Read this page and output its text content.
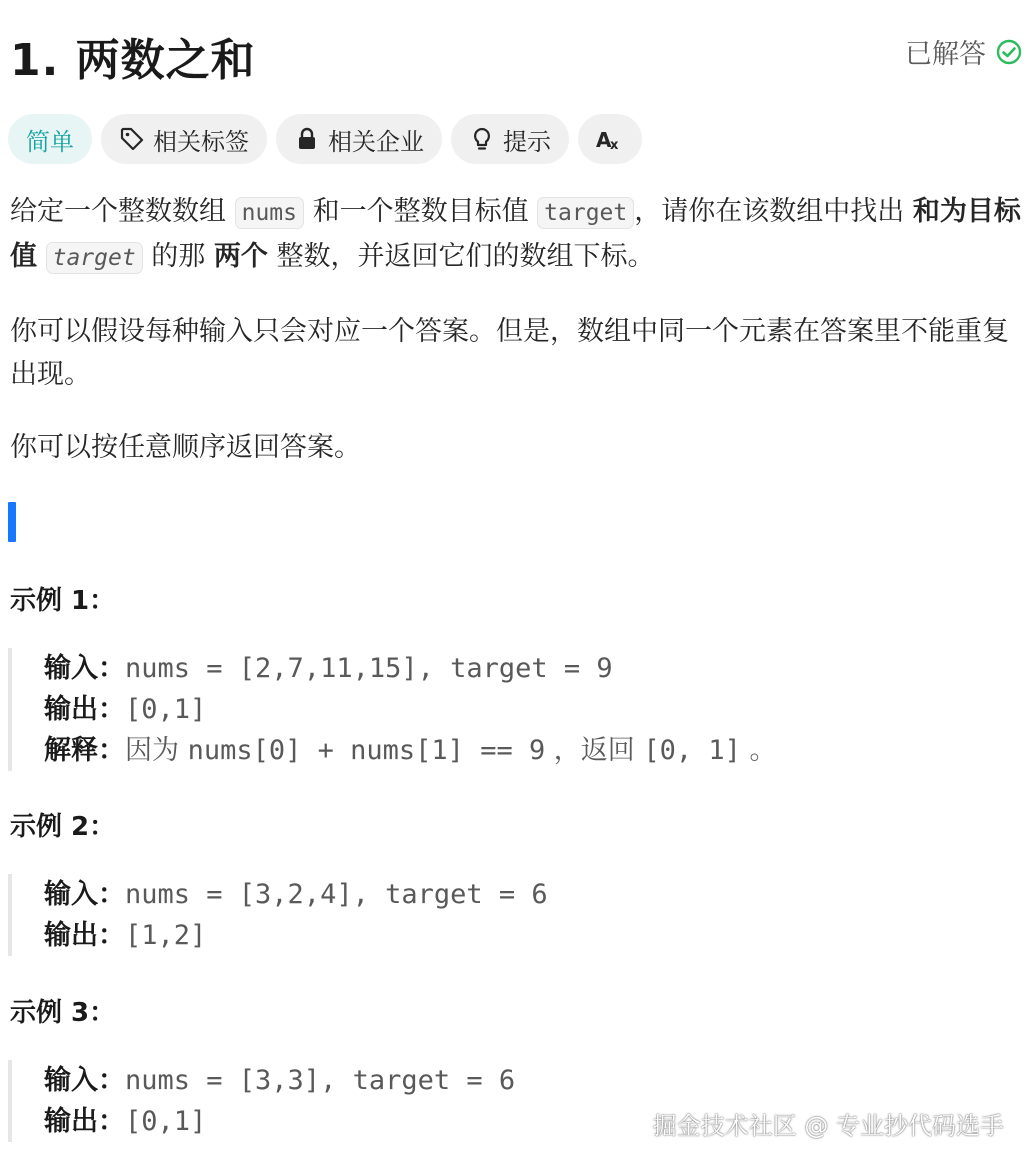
1. 两数之和	已解答
简单	相关标签	相关企业	提示 A
x

给定一个整数数组 nums 和一个整数目标值 target ，请你在该数组中找出 和为目标值 target 的那 两个 整数，并返回它们的数组下标。

你可以假设每种输入只会对应一个答案。但是，数组中同一个元素在答案里不能重复出现。

你可以按任意顺序返回答案。

示例 1：
输入：nums = [2,7,11,15], target = 9
输出：[0,1]
解释：因为 nums[0] + nums[1] == 9 ，返回 [0, 1] 。
示例 2：
输入：nums = [3,2,4], target = 6
输出：[1,2]
示例 3：
输入：nums = [3,3], target = 6
输出：[0,1]	掘金技术社区 @ 专业抄代码选手
